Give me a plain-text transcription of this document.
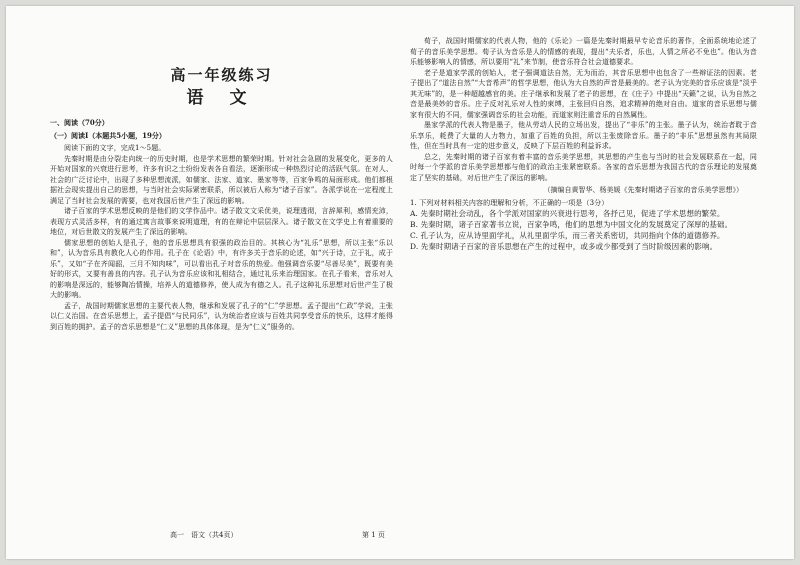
高一年级练习
语 文
一、阅读（70分）
（一）阅读Ⅰ（本题共5小题，19分）

阅读下面的文字，完成1～5题。

先秦时期是由分裂走向统一的历史时期，也是学术思想的繁荣时期。针对社会急剧的发展变化，更多的人开始对国家的兴衰进行思考，许多有识之士纷纷发表各自看法，逐渐形成一种热烈讨论的活跃气氛。在对人、社会的广泛讨论中，出现了多种思想流派，如儒家、法家、道家、墨家等等，百家争鸣的局面形成。他们都根据社会现实提出自己的思想，与当时社会实际紧密联系，所以被后人称为“诸子百家”。各派学说在一定程度上满足了当时社会发展的需要，也对我国后世产生了深远的影响。

诸子百家的学术思想反映的是他们的文学作品中。诸子散文文采优美，说理透彻，言辞犀利，感情充沛，表现方式灵活多样，有的通过寓言故事来说明道理，有的在辩论中层层深入。诸子散文在文学史上有着重要的地位，对后世散文的发展产生了深远的影响。

儒家思想的创始人是孔子，他的音乐思想具有很强的政治目的。其核心为“礼乐”思想，所以主张“乐以和”，认为音乐具有教化人心的作用。孔子在《论语》中，有许多关于音乐的论述，如“兴于诗，立于礼，成于乐”，又如“子在齐闻韶，三月不知肉味”，可以看出孔子对音乐的热爱。他强调音乐要“尽善尽美”，既要有美好的形式，又要有善良的内容。孔子认为音乐应该和礼相结合，通过礼乐来治理国家。在孔子看来，音乐对人的影响是深远的，能够陶冶情操，培养人的道德修养，使人成为有德之人。孔子这种礼乐思想对后世产生了极大的影响。

孟子，战国时期儒家思想的主要代表人物，继承和发展了孔子的“仁”学思想。孟子提出“仁政”学说，主张以仁义治国。在音乐思想上，孟子提倡“与民同乐”，认为统治者应该与百姓共同享受音乐的快乐，这样才能得到百姓的拥护。孟子的音乐思想是“仁义”思想的具体体现，是为“仁义”服务的。

荀子，战国时期儒家的代表人物，他的《乐论》一篇是先秦时期最早专论音乐的著作，全面系统地论述了荀子的音乐美学思想。荀子认为音乐是人的情感的表现，提出“夫乐者，乐也，人情之所必不免也”。他认为音乐能够影响人的情感，所以要用“礼”来节制，使音乐符合社会道德要求。

老子是道家学派的创始人，老子强调道法自然，无为而治，其音乐思想中也包含了一些辩证法的因素。老子提出了“道法自然”“大音希声”的哲学思想，他认为大自然的声音是最美的。老子认为完美的音乐应该是“淡乎其无味”的，是一种超越感官的美。庄子继承和发展了老子的思想，在《庄子》中提出“天籁”之说，认为自然之音是最美妙的音乐。庄子反对礼乐对人性的束缚，主张回归自然，追求精神的绝对自由。道家的音乐思想与儒家有很大的不同，儒家强调音乐的社会功能，而道家则注重音乐的自然属性。

墨家学派的代表人物是墨子，他从劳动人民的立场出发，提出了“非乐”的主张。墨子认为，统治者耽于音乐享乐，耗费了大量的人力物力，加重了百姓的负担，所以主张废除音乐。墨子的“非乐”思想虽然有其局限性，但在当时具有一定的进步意义，反映了下层百姓的利益诉求。

总之，先秦时期的诸子百家有着丰富的音乐美学思想，其思想的产生也与当时的社会发展联系在一起，同时每一个学派的音乐美学思想都与他们的政治主张紧密联系。各家的音乐思想为我国古代的音乐理论的发展奠定了坚实的基础，对后世产生了深远的影响。

（摘编自黄智华、杨美媛《先秦时期诸子百家的音乐美学思想》）

1. 下列对材料相关内容的理解和分析，不正确的一项是（3分）

A. 先秦时期社会动乱，各个学派对国家的兴衰进行思考，各抒己见，促进了学术思想的繁荣。

B. 先秦时期，诸子百家著书立说，百家争鸣，他们的思想为中国文化的发展奠定了深厚的基础。

C. 孔子认为，应从诗里面学礼，从礼里面学乐，而三者关系密切，共同指向个体的道德修养。

D. 先秦时期诸子百家的音乐思想在产生的过程中，或多或少都受到了当时阶级因素的影响。

高一　语文（共4页）	第 1 页
